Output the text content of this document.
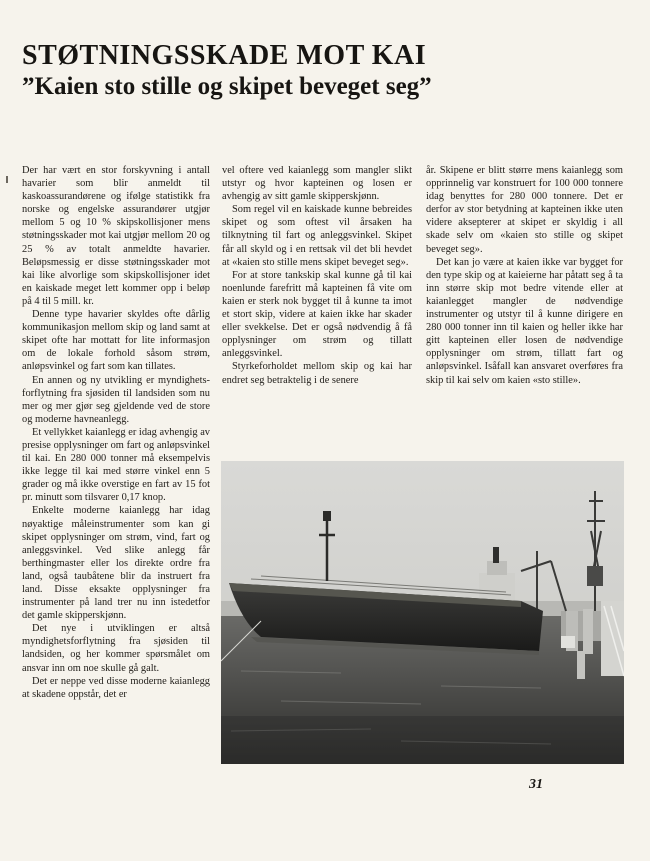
STØTNINGSSKADE MOT KAI
”Kaien sto stille og skipet beveget seg”

Der har vært en stor forskyvning i antall havarier som blir anmeldt til kaskoassurandørene og ifølge statistikk fra norske og engelske assurandører utgjør mellom 5 og 10 % skipskollisjoner mens støtningsskader mot kai utgjør mellom 20 og 25 % av totalt anmeldte havarier. Beløpsmessig er disse støtningsskader mot kai like alvorlige som skipskollisjoner idet en kaiskade meget lett kommer opp i beløp på 4 til 5 mill. kr.

Denne type havarier skyldes ofte dårlig kommunikasjon mellom skip og land samt at skipet ofte har mottatt for lite informasjon om de lokale forhold såsom strøm, anløpsvinkel og fart som kan tillates.

En annen og ny utvikling er myndighets-forflytning fra sjøsiden til landsiden som nu mer og mer gjør seg gjeldende ved de store og moderne havneanlegg.

Et vellykket kaianlegg er idag avhengig av presise opplysninger om fart og anløpsvinkel til kai. En 280 000 tonner må eksempelvis ikke legge til kai med større vinkel enn 5 grader og må ikke overstige en fart av 15 fot pr. minutt som tilsvarer 0,17 knop.

Enkelte moderne kaianlegg har idag nøyaktige måleinstrumenter som kan gi skipet opplysninger om strøm, vind, fart og anleggsvinkel. Ved slike anlegg får berthingmaster eller los direkte ordre fra land, også taubåtene blir da instruert fra land. Disse eksakte opplysninger fra instrumenter på land trer nu inn istedetfor det gamle skipperskjønn.

Det nye i utviklingen er altså myndighetsforflytning fra sjøsiden til landsiden, og her kommer spørsmålet om ansvar inn om noe skulle gå galt.

Det er neppe ved disse moderne kaianlegg at skadene oppstår, det er

vel oftere ved kaianlegg som mangler slikt utstyr og hvor kapteinen og losen er avhengig av sitt gamle skipperskjønn.

Som regel vil en kaiskade kunne bebreides skipet og som oftest vil årsaken ha tilknytning til fart og anleggsvinkel. Skipet får all skyld og i en rettsak vil det bli hevdet at «kaien sto stille mens skipet beveget seg».

For at store tankskip skal kunne gå til kai noenlunde farefritt må kapteinen få vite om kaien er sterk nok bygget til å kunne ta imot et stort skip, videre at kaien ikke har skader eller svekkelse. Det er også nødvendig å få opplysninger om strøm og tillatt anleggsvinkel.

Styrkeforholdet mellom skip og kai har endret seg betraktelig i de senere

år. Skipene er blitt større mens kaianlegg som opprinnelig var konstruert for 100 000 tonnere idag benyttes for 280 000 tonnere. Det er derfor av stor betydning at kapteinen ikke uten videre aksepterer at skipet er skyldig i all skade selv om «kaien sto stille og skipet beveget seg».

Det kan jo være at kaien ikke var bygget for den type skip og at kaieierne har påtatt seg å ta inn større skip mot bedre vitende eller at kaianlegget mangler de nødvendige instrumenter og utstyr til å kunne dirigere en 280 000 tonner inn til kaien og heller ikke har gitt kapteinen eller losen de nødvendige opplysninger om strøm, tillatt fart og anløpsvinkel. Isåfall kan ansvaret overføres fra skip til kai selv om kaien «sto stille».

31
